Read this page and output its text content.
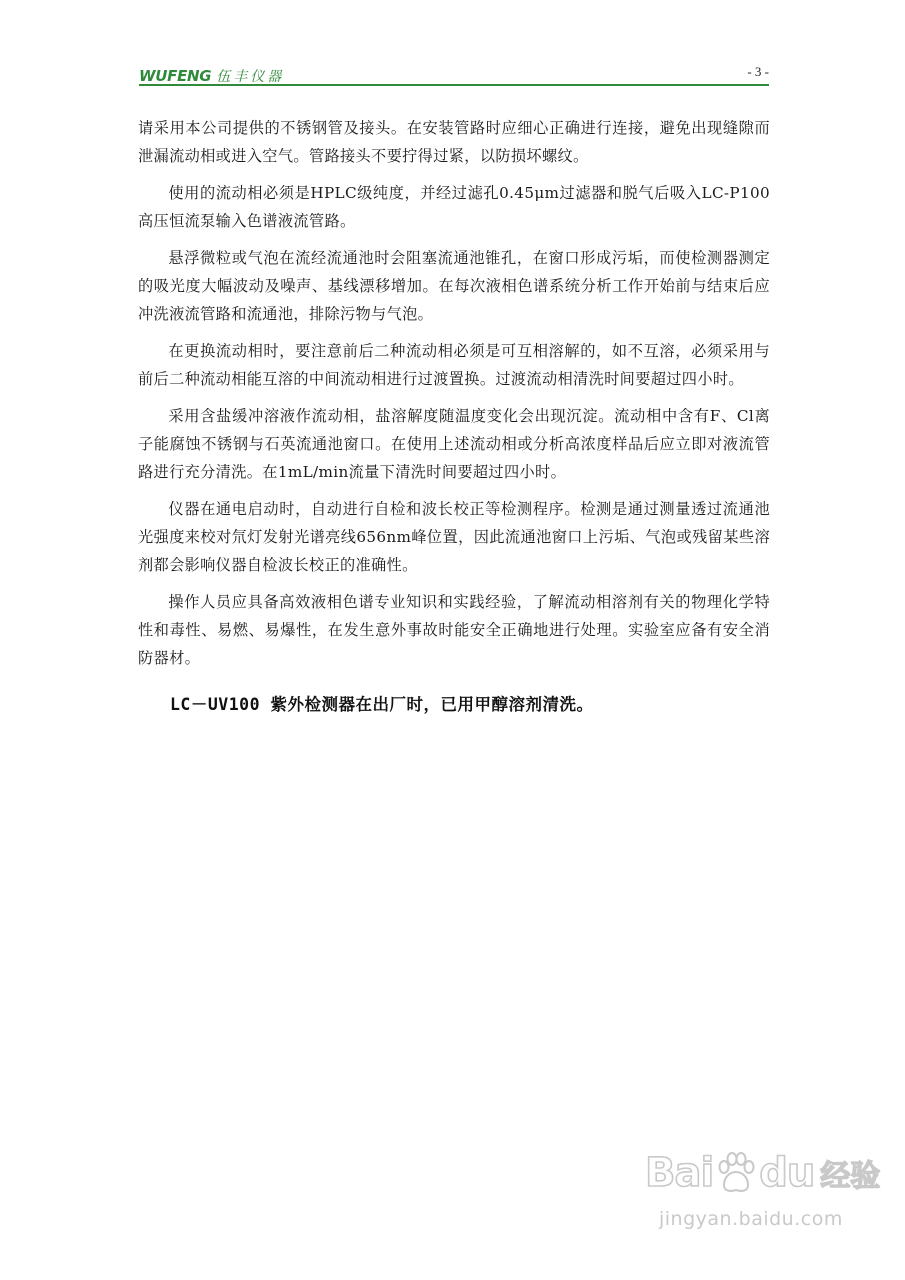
WUFENG 伍丰仪器	- 3 -

请采用本公司提供的不锈钢管及接头。在安装管路时应细心正确进行连接，避免出现缝隙而泄漏流动相或进入空气。管路接头不要拧得过紧，以防损坏螺纹。

使用的流动相必须是HPLC级纯度，并经过滤孔0.45μm过滤器和脱气后吸入LC-P100高压恒流泵输入色谱液流管路。

悬浮微粒或气泡在流经流通池时会阻塞流通池锥孔，在窗口形成污垢，而使检测器测定的吸光度大幅波动及噪声、基线漂移增加。在每次液相色谱系统分析工作开始前与结束后应冲洗液流管路和流通池，排除污物与气泡。

在更换流动相时，要注意前后二种流动相必须是可互相溶解的，如不互溶，必须采用与前后二种流动相能互溶的中间流动相进行过渡置换。过渡流动相清洗时间要超过四小时。

采用含盐缓冲溶液作流动相，盐溶解度随温度变化会出现沉淀。流动相中含有F、Cl离子能腐蚀不锈钢与石英流通池窗口。在使用上述流动相或分析高浓度样品后应立即对液流管路进行充分清洗。在1mL/min流量下清洗时间要超过四小时。

仪器在通电启动时，自动进行自检和波长校正等检测程序。检测是通过测量透过流通池光强度来校对氘灯发射光谱亮线656nm峰位置，因此流通池窗口上污垢、气泡或残留某些溶剂都会影响仪器自检波长校正的准确性。

操作人员应具备高效液相色谱专业知识和实践经验，了解流动相溶剂有关的物理化学特性和毒性、易燃、易爆性，在发生意外事故时能安全正确地进行处理。实验室应备有安全消防器材。

LC－UV100 紫外检测器在出厂时，已用甲醇溶剂清洗。
Bai du 经验
jingyan.baidu.com
